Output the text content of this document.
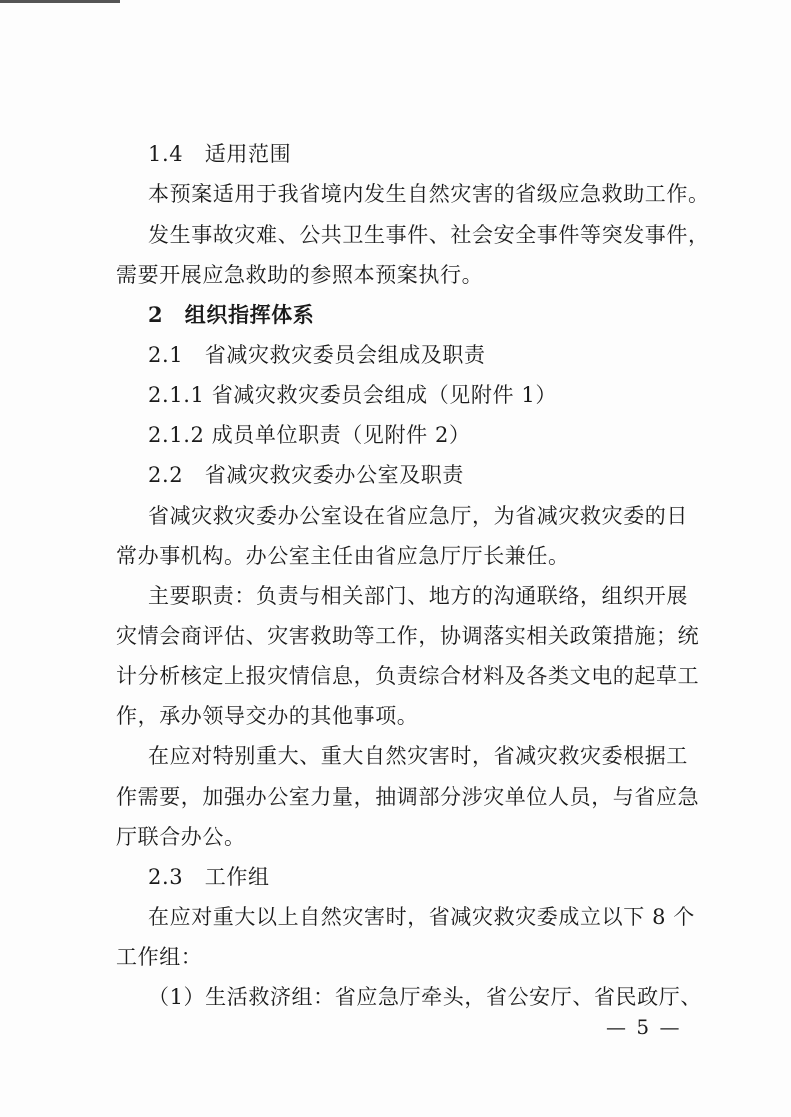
1.4　适用范围
本预案适用于我省境内发生自然灾害的省级应急救助工作。
发生事故灾难、公共卫生事件、社会安全事件等突发事件，
需要开展应急救助的参照本预案执行。
2　组织指挥体系
2.1　省减灾救灾委员会组成及职责
2.1.1 省减灾救灾委员会组成（见附件 1）
2.1.2 成员单位职责（见附件 2）
2.2　省减灾救灾委办公室及职责
省减灾救灾委办公室设在省应急厅，为省减灾救灾委的日
常办事机构。办公室主任由省应急厅厅长兼任。
主要职责：负责与相关部门、地方的沟通联络，组织开展
灾情会商评估、灾害救助等工作，协调落实相关政策措施；统
计分析核定上报灾情信息，负责综合材料及各类文电的起草工
作，承办领导交办的其他事项。
在应对特别重大、重大自然灾害时，省减灾救灾委根据工
作需要，加强办公室力量，抽调部分涉灾单位人员，与省应急
厅联合办公。
2.3　工作组
在应对重大以上自然灾害时，省减灾救灾委成立以下 8 个
工作组：
（1）生活救济组：省应急厅牵头，省公安厅、省民政厅、
— 5 —
